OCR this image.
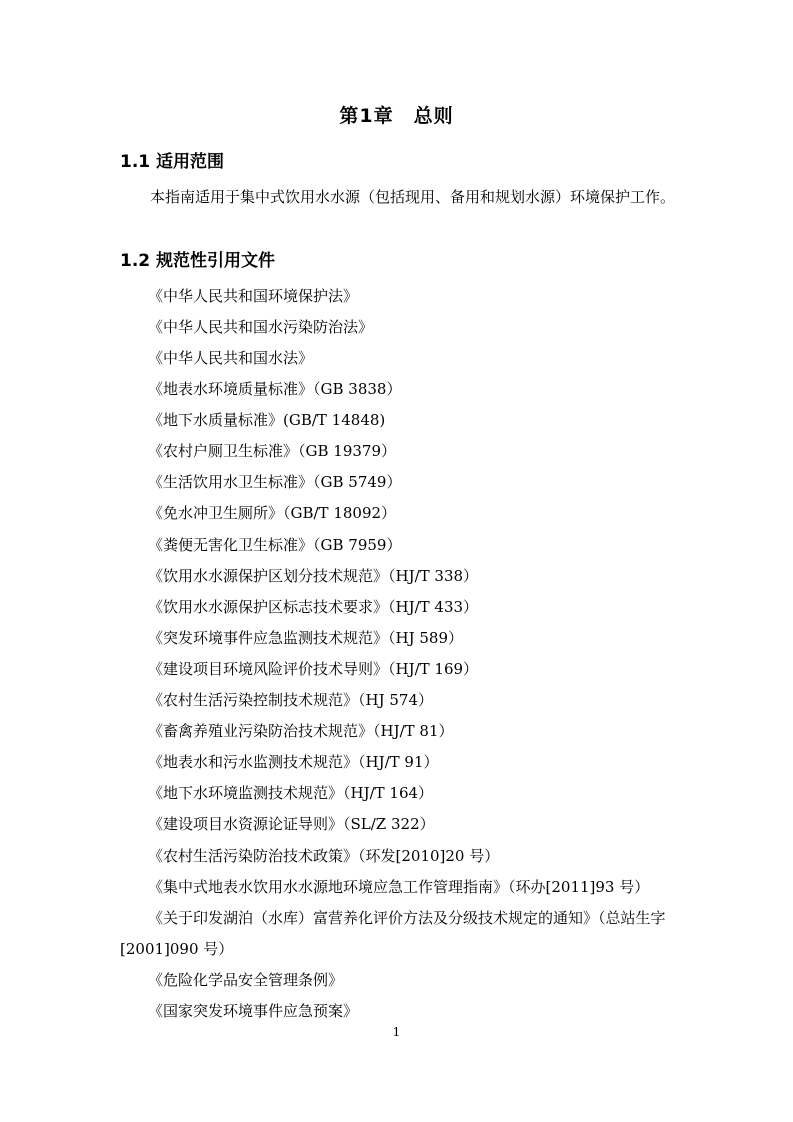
第1章　总则
1.1 适用范围

本指南适用于集中式饮用水水源（包括现用、备用和规划水源）环境保护工作。

1.2 规范性引用文件
《中华人民共和国环境保护法》
《中华人民共和国水污染防治法》
《中华人民共和国水法》
《地表水环境质量标准》（GB 3838）
《地下水质量标准》(GB/T 14848)
《农村户厕卫生标准》（GB 19379）
《生活饮用水卫生标准》（GB 5749）
《免水冲卫生厕所》（GB/T 18092）
《粪便无害化卫生标准》（GB 7959）
《饮用水水源保护区划分技术规范》（HJ/T 338）
《饮用水水源保护区标志技术要求》（HJ/T 433）
《突发环境事件应急监测技术规范》（HJ 589）
《建设项目环境风险评价技术导则》（HJ/T 169）
《农村生活污染控制技术规范》（HJ 574）
《畜禽养殖业污染防治技术规范》（HJ/T 81）
《地表水和污水监测技术规范》（HJ/T 91）
《地下水环境监测技术规范》（HJ/T 164）
《建设项目水资源论证导则》（SL/Z 322）
《农村生活污染防治技术政策》（环发[2010]20 号）
《集中式地表水饮用水水源地环境应急工作管理指南》（环办[2011]93 号）
《关于印发湖泊（水库）富营养化评价方法及分级技术规定的通知》（总站生字[2001]090 号）
《危险化学品安全管理条例》
《国家突发环境事件应急预案》
1
